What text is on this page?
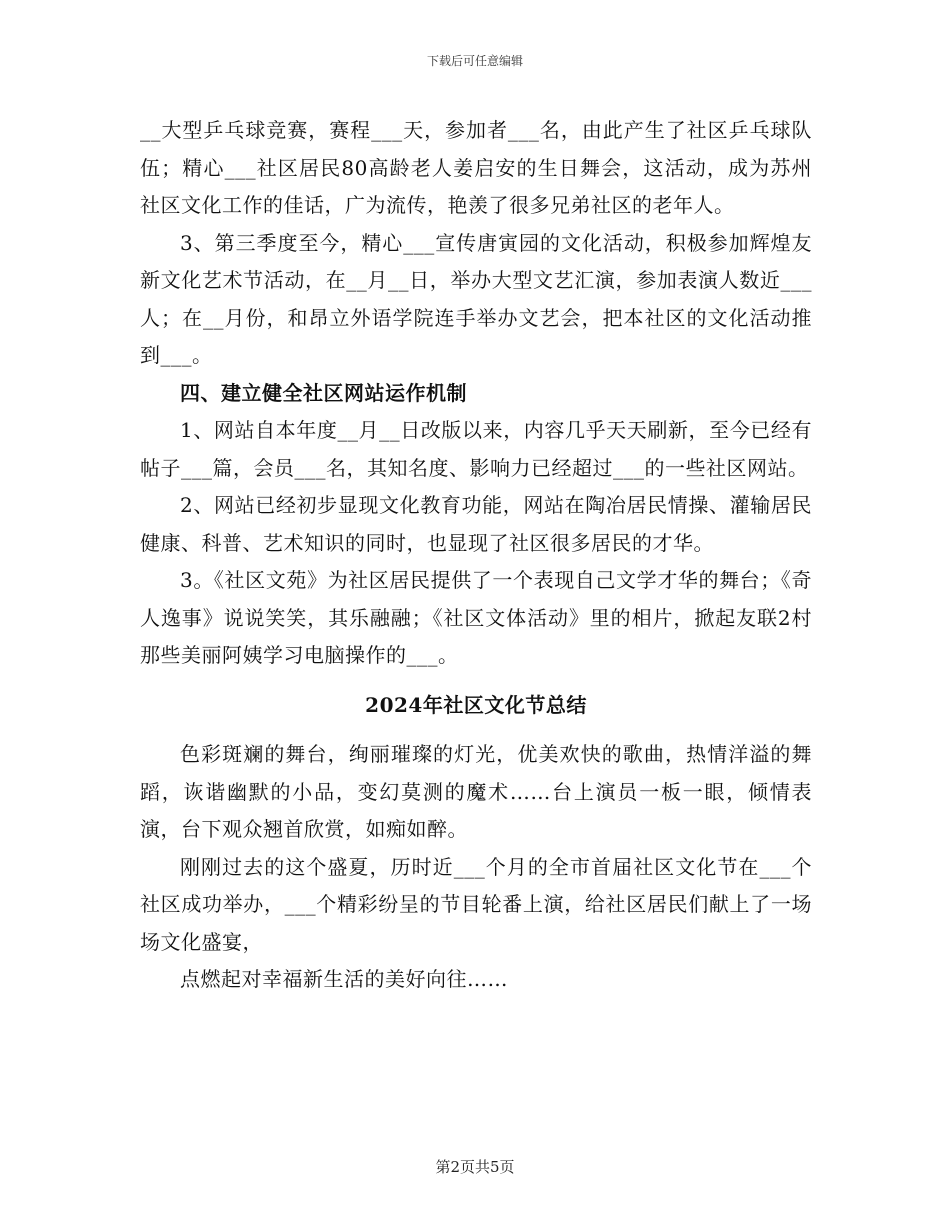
下载后可任意编辑

__大型乒乓球竞赛，赛程___天，参加者___名，由此产生了社区乒乓球队伍；精心___社区居民80高龄老人姜启安的生日舞会，这活动，成为苏州社区文化工作的佳话，广为流传，艳羡了很多兄弟社区的老年人。

3、第三季度至今，精心___宣传唐寅园的文化活动，积极参加辉煌友新文化艺术节活动，在__月__日，举办大型文艺汇演，参加表演人数近___人；在__月份，和昂立外语学院连手举办文艺会，把本社区的文化活动推到___。

四、建立健全社区网站运作机制

1、网站自本年度__月__日改版以来，内容几乎天天刷新，至今已经有帖子___篇，会员___名，其知名度、影响力已经超过___的一些社区网站。

2、网站已经初步显现文化教育功能，网站在陶冶居民情操、灌输居民健康、科普、艺术知识的同时，也显现了社区很多居民的才华。

3。《社区文苑》为社区居民提供了一个表现自己文学才华的舞台；《奇人逸事》说说笑笑，其乐融融；《社区文体活动》里的相片，掀起友联2村那些美丽阿姨学习电脑操作的___。

2024年社区文化节总结

色彩斑斓的舞台，绚丽璀璨的灯光，优美欢快的歌曲，热情洋溢的舞蹈，诙谐幽默的小品，变幻莫测的魔术……台上演员一板一眼，倾情表演，台下观众翘首欣赏，如痴如醉。

刚刚过去的这个盛夏，历时近___个月的全市首届社区文化节在___个社区成功举办，___个精彩纷呈的节目轮番上演，给社区居民们献上了一场场文化盛宴，

点燃起对幸福新生活的美好向往……

第2页共5页
